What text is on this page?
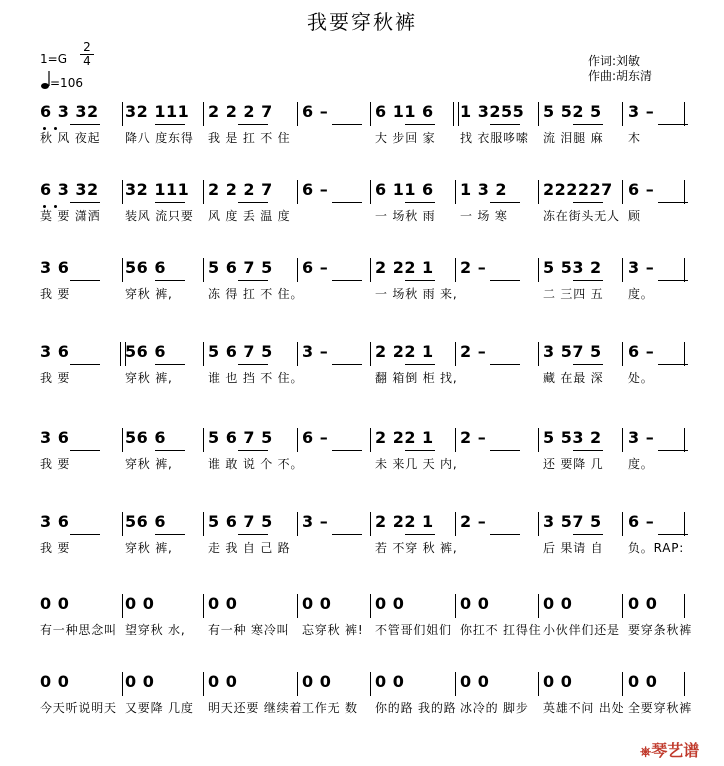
我要穿秋裤
$1=G \frac{2}{4}$
=106
作词:刘敏
作曲:胡东清
6 3 32
秋 风 夜起
32 111
降八 度东得
2 2 2 7
我 是 扛 不 住
6 –	6 11 6
大 步回 家
1 3255
找 衣服哆嗦
5 52 5
流 泪腿 麻
3 –
木
6 3 32
莫 要 潇洒
32 111
装风 流只要
2 2 2 7
风 度 丢 温 度
6 –	6 11 6
一 场秋 雨
1 3 2
一 场 寒
222227
冻在街头无人
6 –
顾
3 6
我 要
56 6
穿秋 裤,
5 6 7 5
冻 得 扛 不 住。
6 –	2 22 1
一 场秋 雨 来,
2 –	5 53 2
二 三四 五
3 –
度。
3 6
我 要
56 6
穿秋 裤,
5 6 7 5
谁 也 挡 不 住。
3 –	2 22 1
翻 箱倒 柜 找,
2 –	3 57 5
藏 在最 深
6 –
处。
3 6
我 要
56 6
穿秋 裤,
5 6 7 5
谁 敢 说 个 不。
6 –	2 22 1
未 来几 天 内,
2 –	5 53 2
还 要降 几
3 –
度。
3 6
我 要
56 6
穿秋 裤,
5 6 7 5
走 我 自 己 路
3 –	2 22 1
若 不穿 秋 裤,
2 –	3 57 5
后 果请 自
6 –
负。RAP:
0 0
有一种思念叫
0 0
望穿秋 水,
0 0
有一种 寒冷叫
0 0
忘穿秋 裤!
0 0
不管哥们姐们
0 0
你扛不 扛得住
0 0
小伙伴们还是
0 0
要穿条秋裤
0 0
今天听说明天
0 0
又要降 几度
0 0
明天还要 继续着
0 0
工作无 数
0 0
你的路 我的路
0 0
冰冷的 脚步
0 0
英雄不问 出处
0 0
全要穿秋裤
⎈琴艺谱
